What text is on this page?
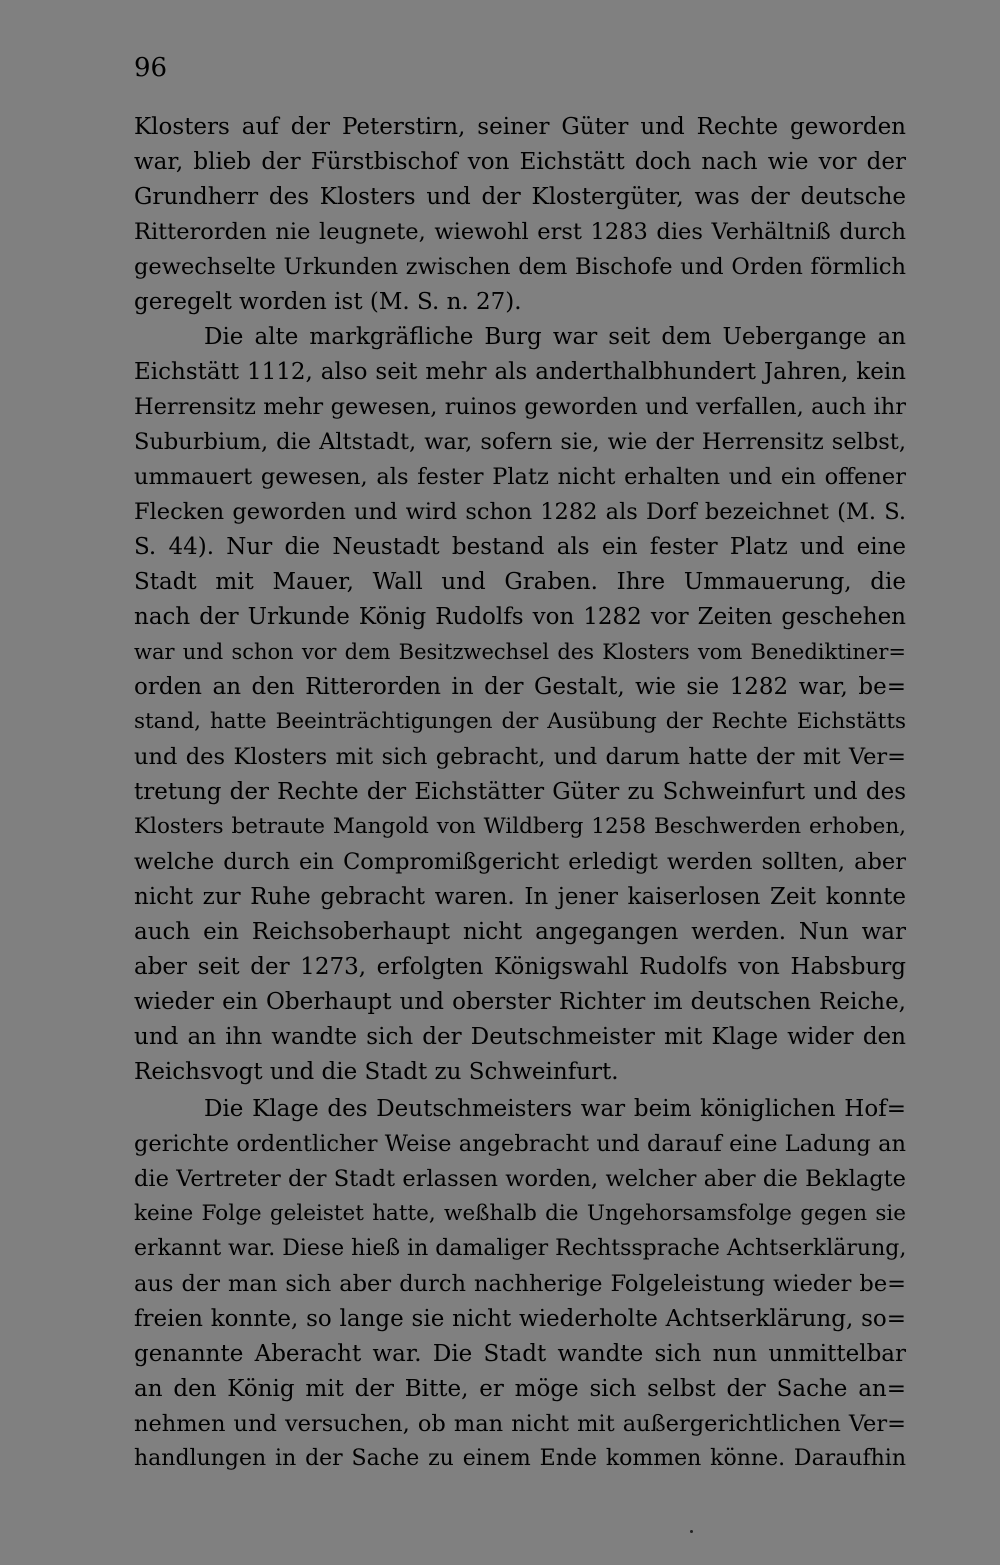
96
Klosters auf der Peterstirn, seiner Güter und Rechte geworden
war, blieb der Fürstbischof von Eichstätt doch nach wie vor der
Grundherr des Klosters und der Klostergüter, was der deutsche
Ritterorden nie leugnete, wiewohl erst 1283 dies Verhältniß durch
gewechselte Urkunden zwischen dem Bischofe und Orden förmlich
geregelt worden ist (M. S. n. 27).
Die alte markgräfliche Burg war seit dem Uebergange an
Eichstätt 1112, also seit mehr als anderthalbhundert Jahren, kein
Herrensitz mehr gewesen, ruinos geworden und verfallen, auch ihr
Suburbium, die Altstadt, war, sofern sie, wie der Herrensitz selbst,
ummauert gewesen, als fester Platz nicht erhalten und ein offener
Flecken geworden und wird schon 1282 als Dorf bezeichnet (M. S.
S. 44). Nur die Neustadt bestand als ein fester Platz und eine
Stadt mit Mauer, Wall und Graben. Ihre Ummauerung, die
nach der Urkunde König Rudolfs von 1282 vor Zeiten geschehen
war und schon vor dem Besitzwechsel des Klosters vom Benediktiner=
orden an den Ritterorden in der Gestalt, wie sie 1282 war, be=
stand, hatte Beeinträchtigungen der Ausübung der Rechte Eichstätts
und des Klosters mit sich gebracht, und darum hatte der mit Ver=
tretung der Rechte der Eichstätter Güter zu Schweinfurt und des
Klosters betraute Mangold von Wildberg 1258 Beschwerden erhoben,
welche durch ein Compromißgericht erledigt werden sollten, aber
nicht zur Ruhe gebracht waren. In jener kaiserlosen Zeit konnte
auch ein Reichsoberhaupt nicht angegangen werden. Nun war
aber seit der 1273, erfolgten Königswahl Rudolfs von Habsburg
wieder ein Oberhaupt und oberster Richter im deutschen Reiche,
und an ihn wandte sich der Deutschmeister mit Klage wider den
Reichsvogt und die Stadt zu Schweinfurt.
Die Klage des Deutschmeisters war beim königlichen Hof=
gerichte ordentlicher Weise angebracht und darauf eine Ladung an
die Vertreter der Stadt erlassen worden, welcher aber die Beklagte
keine Folge geleistet hatte, weßhalb die Ungehorsamsfolge gegen sie
erkannt war. Diese hieß in damaliger Rechtssprache Achtserklärung,
aus der man sich aber durch nachherige Folgeleistung wieder be=
freien konnte, so lange sie nicht wiederholte Achtserklärung, so=
genannte Aberacht war. Die Stadt wandte sich nun unmittelbar
an den König mit der Bitte, er möge sich selbst der Sache an=
nehmen und versuchen, ob man nicht mit außergerichtlichen Ver=
handlungen in der Sache zu einem Ende kommen könne. Daraufhin
